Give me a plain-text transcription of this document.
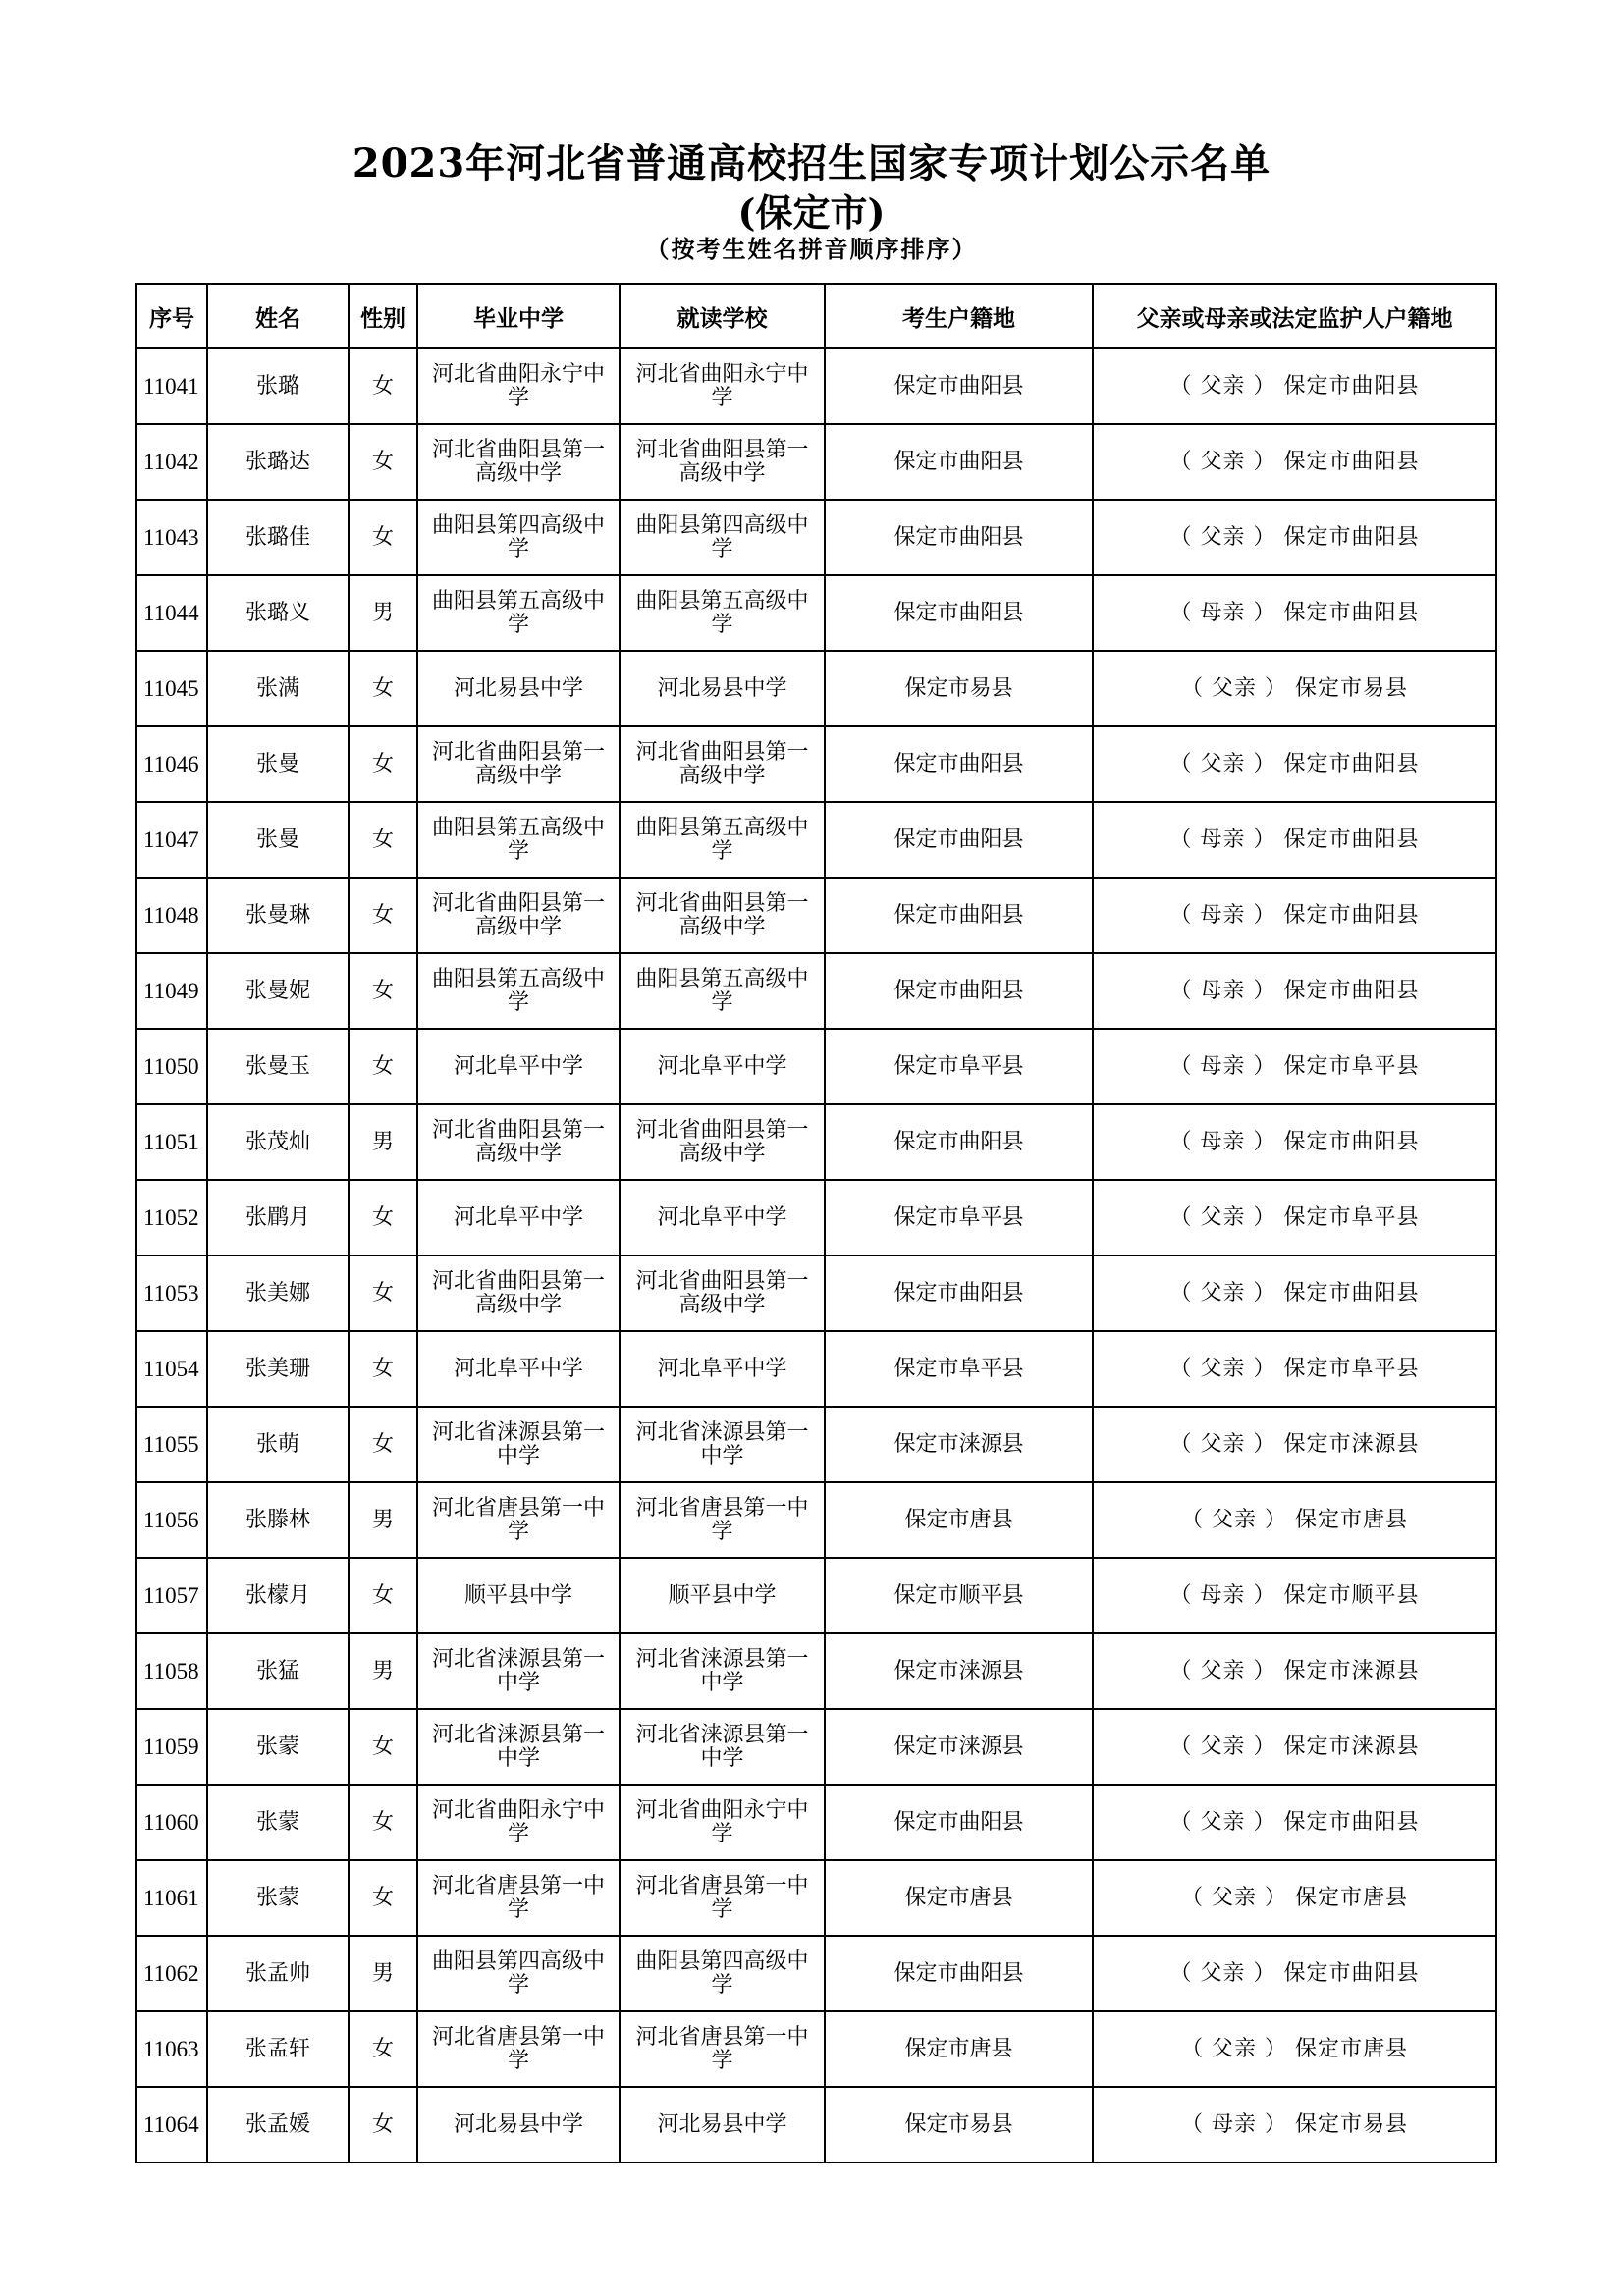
2023年河北省普通高校招生国家专项计划公示名单
(保定市)
（按考生姓名拼音顺序排序）
序号	姓名	性别	毕业中学	就读学校	考生户籍地	父亲或母亲或法定监护人户籍地
11041	张璐	女	河北省曲阳永宁中学	河北省曲阳永宁中学	保定市曲阳县	（ 父亲 ） 保定市曲阳县
11042	张璐达	女	河北省曲阳县第一高级中学	河北省曲阳县第一高级中学	保定市曲阳县	（ 父亲 ） 保定市曲阳县
11043	张璐佳	女	曲阳县第四高级中学	曲阳县第四高级中学	保定市曲阳县	（ 父亲 ） 保定市曲阳县
11044	张璐义	男	曲阳县第五高级中学	曲阳县第五高级中学	保定市曲阳县	（ 母亲 ） 保定市曲阳县
11045	张满	女	河北易县中学	河北易县中学	保定市易县	（ 父亲 ） 保定市易县
11046	张曼	女	河北省曲阳县第一高级中学	河北省曲阳县第一高级中学	保定市曲阳县	（ 父亲 ） 保定市曲阳县
11047	张曼	女	曲阳县第五高级中学	曲阳县第五高级中学	保定市曲阳县	（ 母亲 ） 保定市曲阳县
11048	张曼琳	女	河北省曲阳县第一高级中学	河北省曲阳县第一高级中学	保定市曲阳县	（ 母亲 ） 保定市曲阳县
11049	张曼妮	女	曲阳县第五高级中学	曲阳县第五高级中学	保定市曲阳县	（ 母亲 ） 保定市曲阳县
11050	张曼玉	女	河北阜平中学	河北阜平中学	保定市阜平县	（ 母亲 ） 保定市阜平县
11051	张茂灿	男	河北省曲阳县第一高级中学	河北省曲阳县第一高级中学	保定市曲阳县	（ 母亲 ） 保定市曲阳县
11052	张鹛月	女	河北阜平中学	河北阜平中学	保定市阜平县	（ 父亲 ） 保定市阜平县
11053	张美娜	女	河北省曲阳县第一高级中学	河北省曲阳县第一高级中学	保定市曲阳县	（ 父亲 ） 保定市曲阳县
11054	张美珊	女	河北阜平中学	河北阜平中学	保定市阜平县	（ 父亲 ） 保定市阜平县
11055	张萌	女	河北省涞源县第一中学	河北省涞源县第一中学	保定市涞源县	（ 父亲 ） 保定市涞源县
11056	张滕林	男	河北省唐县第一中学	河北省唐县第一中学	保定市唐县	（ 父亲 ） 保定市唐县
11057	张檬月	女	顺平县中学	顺平县中学	保定市顺平县	（ 母亲 ） 保定市顺平县
11058	张猛	男	河北省涞源县第一中学	河北省涞源县第一中学	保定市涞源县	（ 父亲 ） 保定市涞源县
11059	张蒙	女	河北省涞源县第一中学	河北省涞源县第一中学	保定市涞源县	（ 父亲 ） 保定市涞源县
11060	张蒙	女	河北省曲阳永宁中学	河北省曲阳永宁中学	保定市曲阳县	（ 父亲 ） 保定市曲阳县
11061	张蒙	女	河北省唐县第一中学	河北省唐县第一中学	保定市唐县	（ 父亲 ） 保定市唐县
11062	张孟帅	男	曲阳县第四高级中学	曲阳县第四高级中学	保定市曲阳县	（ 父亲 ） 保定市曲阳县
11063	张孟轩	女	河北省唐县第一中学	河北省唐县第一中学	保定市唐县	（ 父亲 ） 保定市唐县
11064	张孟媛	女	河北易县中学	河北易县中学	保定市易县	（ 母亲 ） 保定市易县
